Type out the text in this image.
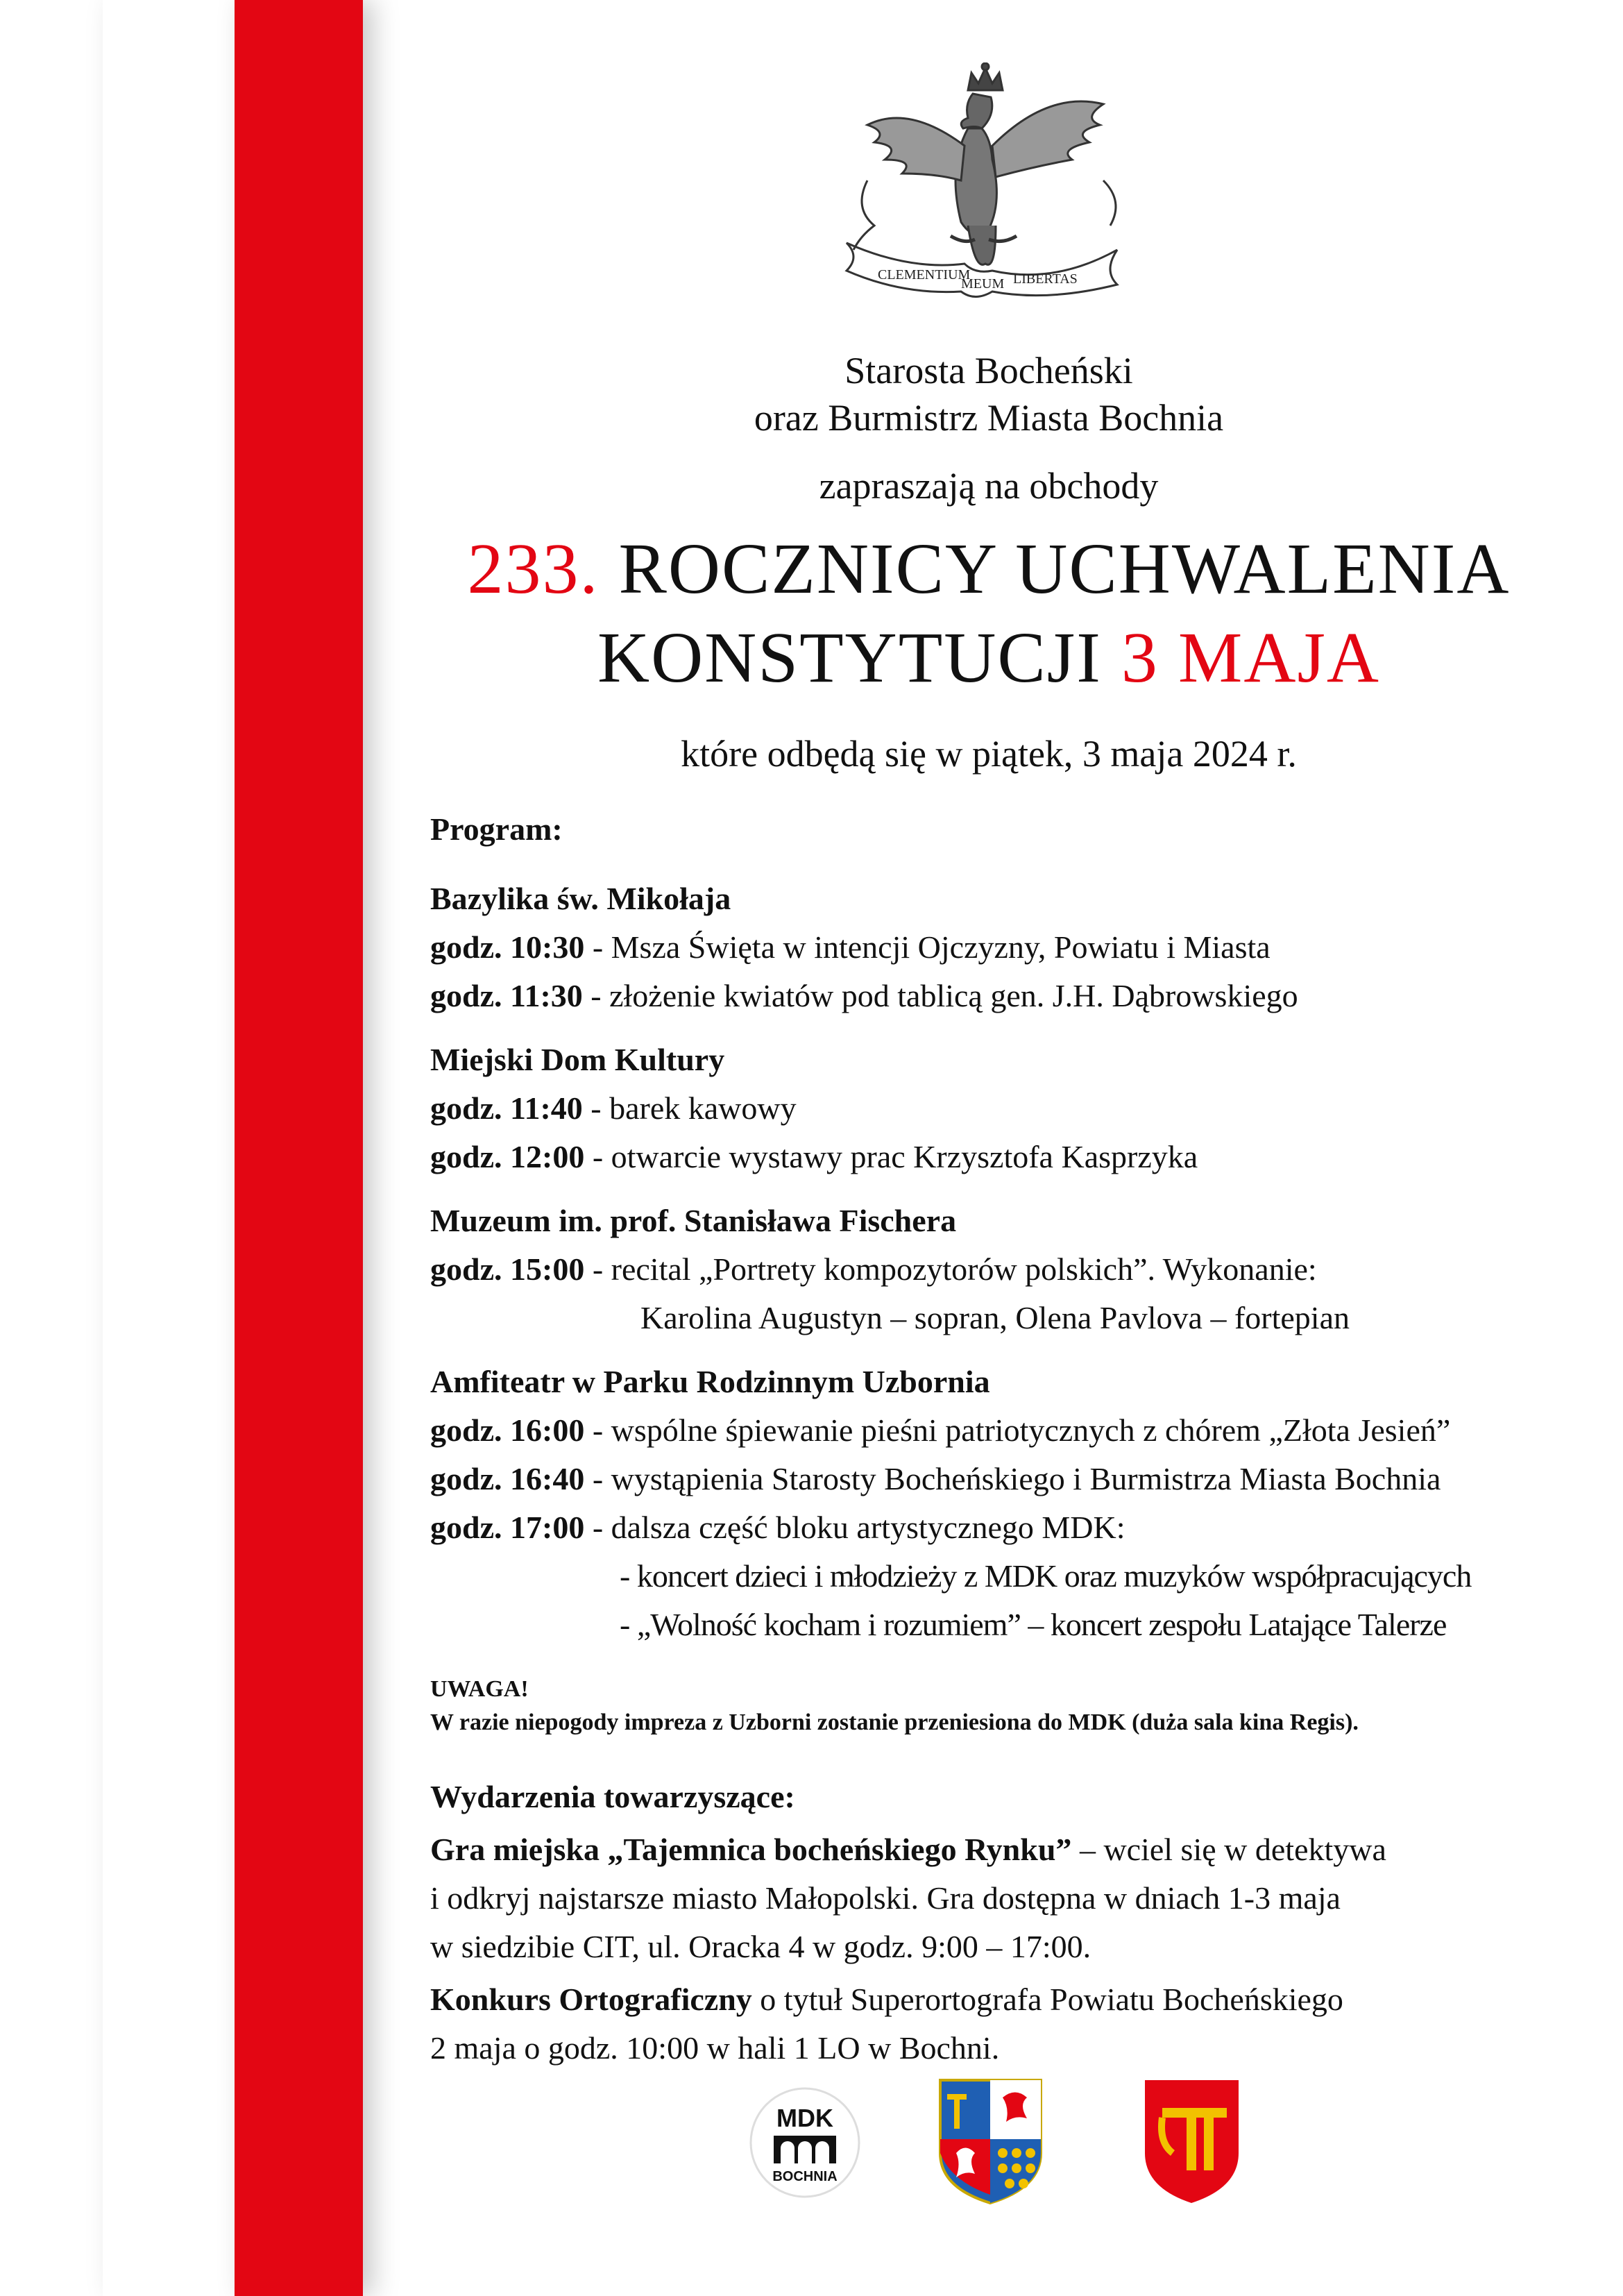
CLEMENTIUM
MEUM LIBERTAS
Starosta Bocheński
oraz Burmistrz Miasta Bochnia
zapraszają na obchody
233. ROCZNICY UCHWALENIA
KONSTYTUCJI 3 MAJA
które odbędą się w piątek, 3 maja 2024 r.
Program:
Bazylika św. Mikołaja
godz. 10:30 - Msza Święta w intencji Ojczyzny, Powiatu i Miasta
godz. 11:30 - złożenie kwiatów pod tablicą gen. J.H. Dąbrowskiego
Miejski Dom Kultury
godz. 11:40 - barek kawowy
godz. 12:00 - otwarcie wystawy prac Krzysztofa Kasprzyka
Muzeum im. prof. Stanisława Fischera
godz. 15:00 - recital „Portrety kompozytorów polskich”. Wykonanie:
Karolina Augustyn – sopran, Olena Pavlova – fortepian
Amfiteatr w Parku Rodzinnym Uzbornia
godz. 16:00 - wspólne śpiewanie pieśni patriotycznych z chórem „Złota Jesień”
godz. 16:40 - wystąpienia Starosty Bocheńskiego i Burmistrza Miasta Bochnia
godz. 17:00 - dalsza część bloku artystycznego MDK:
- koncert dzieci i młodzieży z MDK oraz muzyków współpracujących
- „Wolność kocham i rozumiem” – koncert zespołu Latające Talerze
UWAGA!
W razie niepogody impreza z Uzborni zostanie przeniesiona do MDK (duża sala kina Regis).
Wydarzenia towarzyszące:
Gra miejska „Tajemnica bocheńskiego Rynku” – wciel się w detektywa
i odkryj najstarsze miasto Małopolski. Gra dostępna w dniach 1-3 maja
w siedzibie CIT, ul. Oracka 4 w godz. 9:00 – 17:00.
Konkurs Ortograficzny o tytuł Superortografa Powiatu Bocheńskiego
2 maja o godz. 10:00 w hali 1 LO w Bochni.
MDK
BOCHNIA
